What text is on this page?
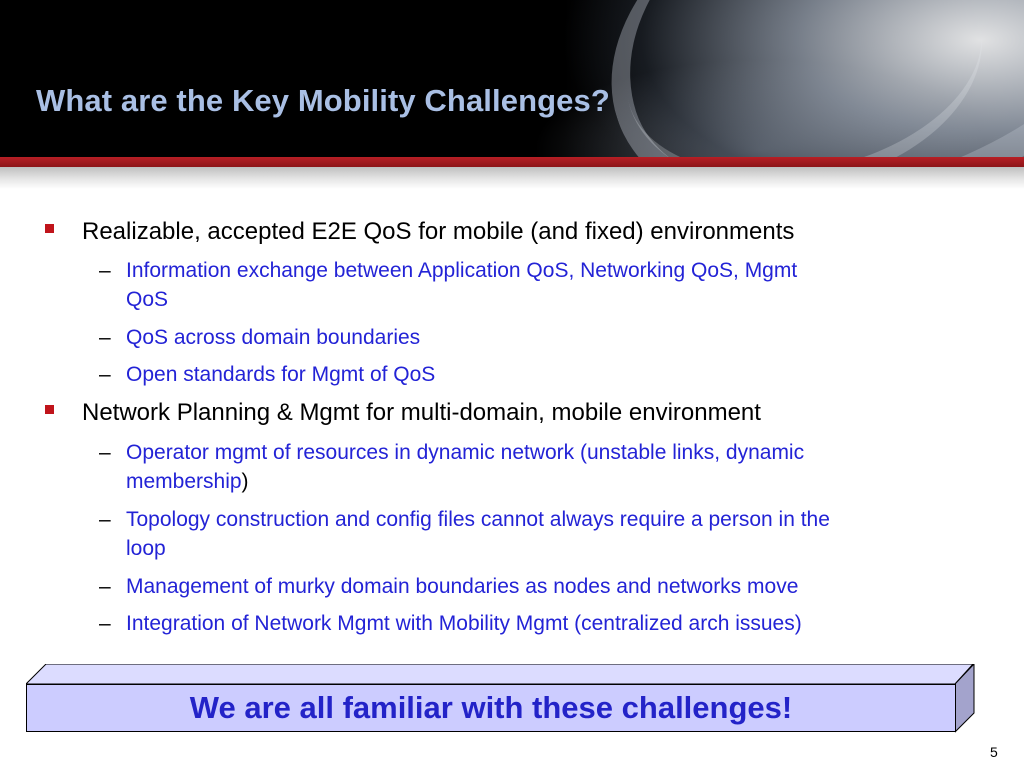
What are the Key Mobility Challenges?
Realizable, accepted E2E QoS for mobile (and fixed) environments
– Information exchange between Application QoS, Networking QoS, Mgmt
QoS
– QoS across domain boundaries
– Open standards for Mgmt of QoS
Network Planning & Mgmt for multi-domain, mobile environment
– Operator mgmt of resources in dynamic network (unstable links, dynamic
membership)
– Topology construction and config files cannot always require a person in the
loop
– Management of murky domain boundaries as nodes and networks move
– Integration of Network Mgmt with Mobility Mgmt (centralized arch issues)
We are all familiar with these challenges!
5
